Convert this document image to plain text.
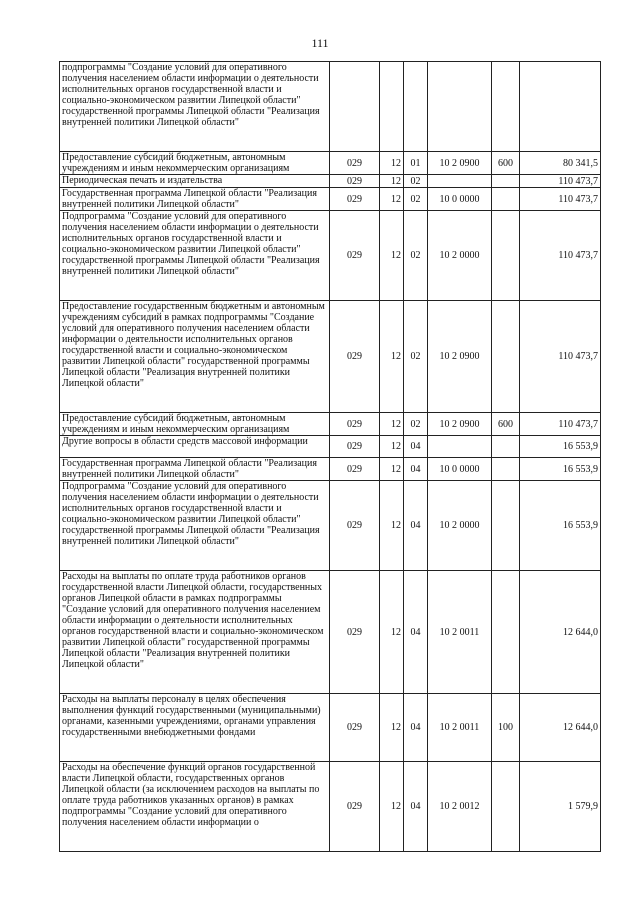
111
подпрограммы "Создание условий для оперативного получения населением области информации о деятельности исполнительных органов государственной власти и социально-экономическом развитии Липецкой области" государственной программы Липецкой области "Реализация внутренней политики Липецкой области"						
Предоставление субсидий бюджетным, автономным учреждениям и иным некоммерческим организациям	029	12	01	10 2 0900	600	80 341,5
Периодическая печать и издательства	029	12	02			110 473,7
Государственная программа Липецкой области "Реализация внутренней политики Липецкой области"	029	12	02	10 0 0000		110 473,7
Подпрограмма "Создание условий для оперативного получения населением области информации о деятельности исполнительных органов государственной власти и социально-экономическом развитии Липецкой области" государственной программы Липецкой области "Реализация внутренней политики Липецкой области"	029	12	02	10 2 0000		110 473,7
Предоставление государственным бюджетным и автономным учреждениям субсидий в рамках подпрограммы "Создание условий для оперативного получения населением области информации о деятельности исполнительных органов государственной власти и социально-экономическом развитии Липецкой области" государственной программы Липецкой области "Реализация внутренней политики Липецкой области"	029	12	02	10 2 0900		110 473,7
Предоставление субсидий бюджетным, автономным учреждениям и иным некоммерческим организациям	029	12	02	10 2 0900	600	110 473,7
Другие вопросы в области средств массовой информации	029	12	04			16 553,9
Государственная программа Липецкой области "Реализация внутренней политики Липецкой области"	029	12	04	10 0 0000		16 553,9
Подпрограмма "Создание условий для оперативного получения населением области информации о деятельности исполнительных органов государственной власти и социально-экономическом развитии Липецкой области" государственной программы Липецкой области "Реализация внутренней политики Липецкой области"	029	12	04	10 2 0000		16 553,9
Расходы на выплаты по оплате труда работников органов государственной власти Липецкой области, государственных органов Липецкой области в рамках подпрограммы "Создание условий для оперативного получения населением области информации о деятельности исполнительных органов государственной власти и социально-экономическом развитии Липецкой области" государственной программы Липецкой области "Реализация внутренней политики Липецкой области"	029	12	04	10 2 0011		12 644,0
Расходы на выплаты персоналу в целях обеспечения выполнения функций государственными (муниципальными) органами, казенными учреждениями, органами управления государственными внебюджетными фондами	029	12	04	10 2 0011	100	12 644,0
Расходы на обеспечение функций органов государственной власти Липецкой области, государственных органов Липецкой области (за исключением расходов на выплаты по оплате труда работников указанных органов) в рамках подпрограммы "Создание условий для оперативного получения населением области информации о	029	12	04	10 2 0012		1 579,9
